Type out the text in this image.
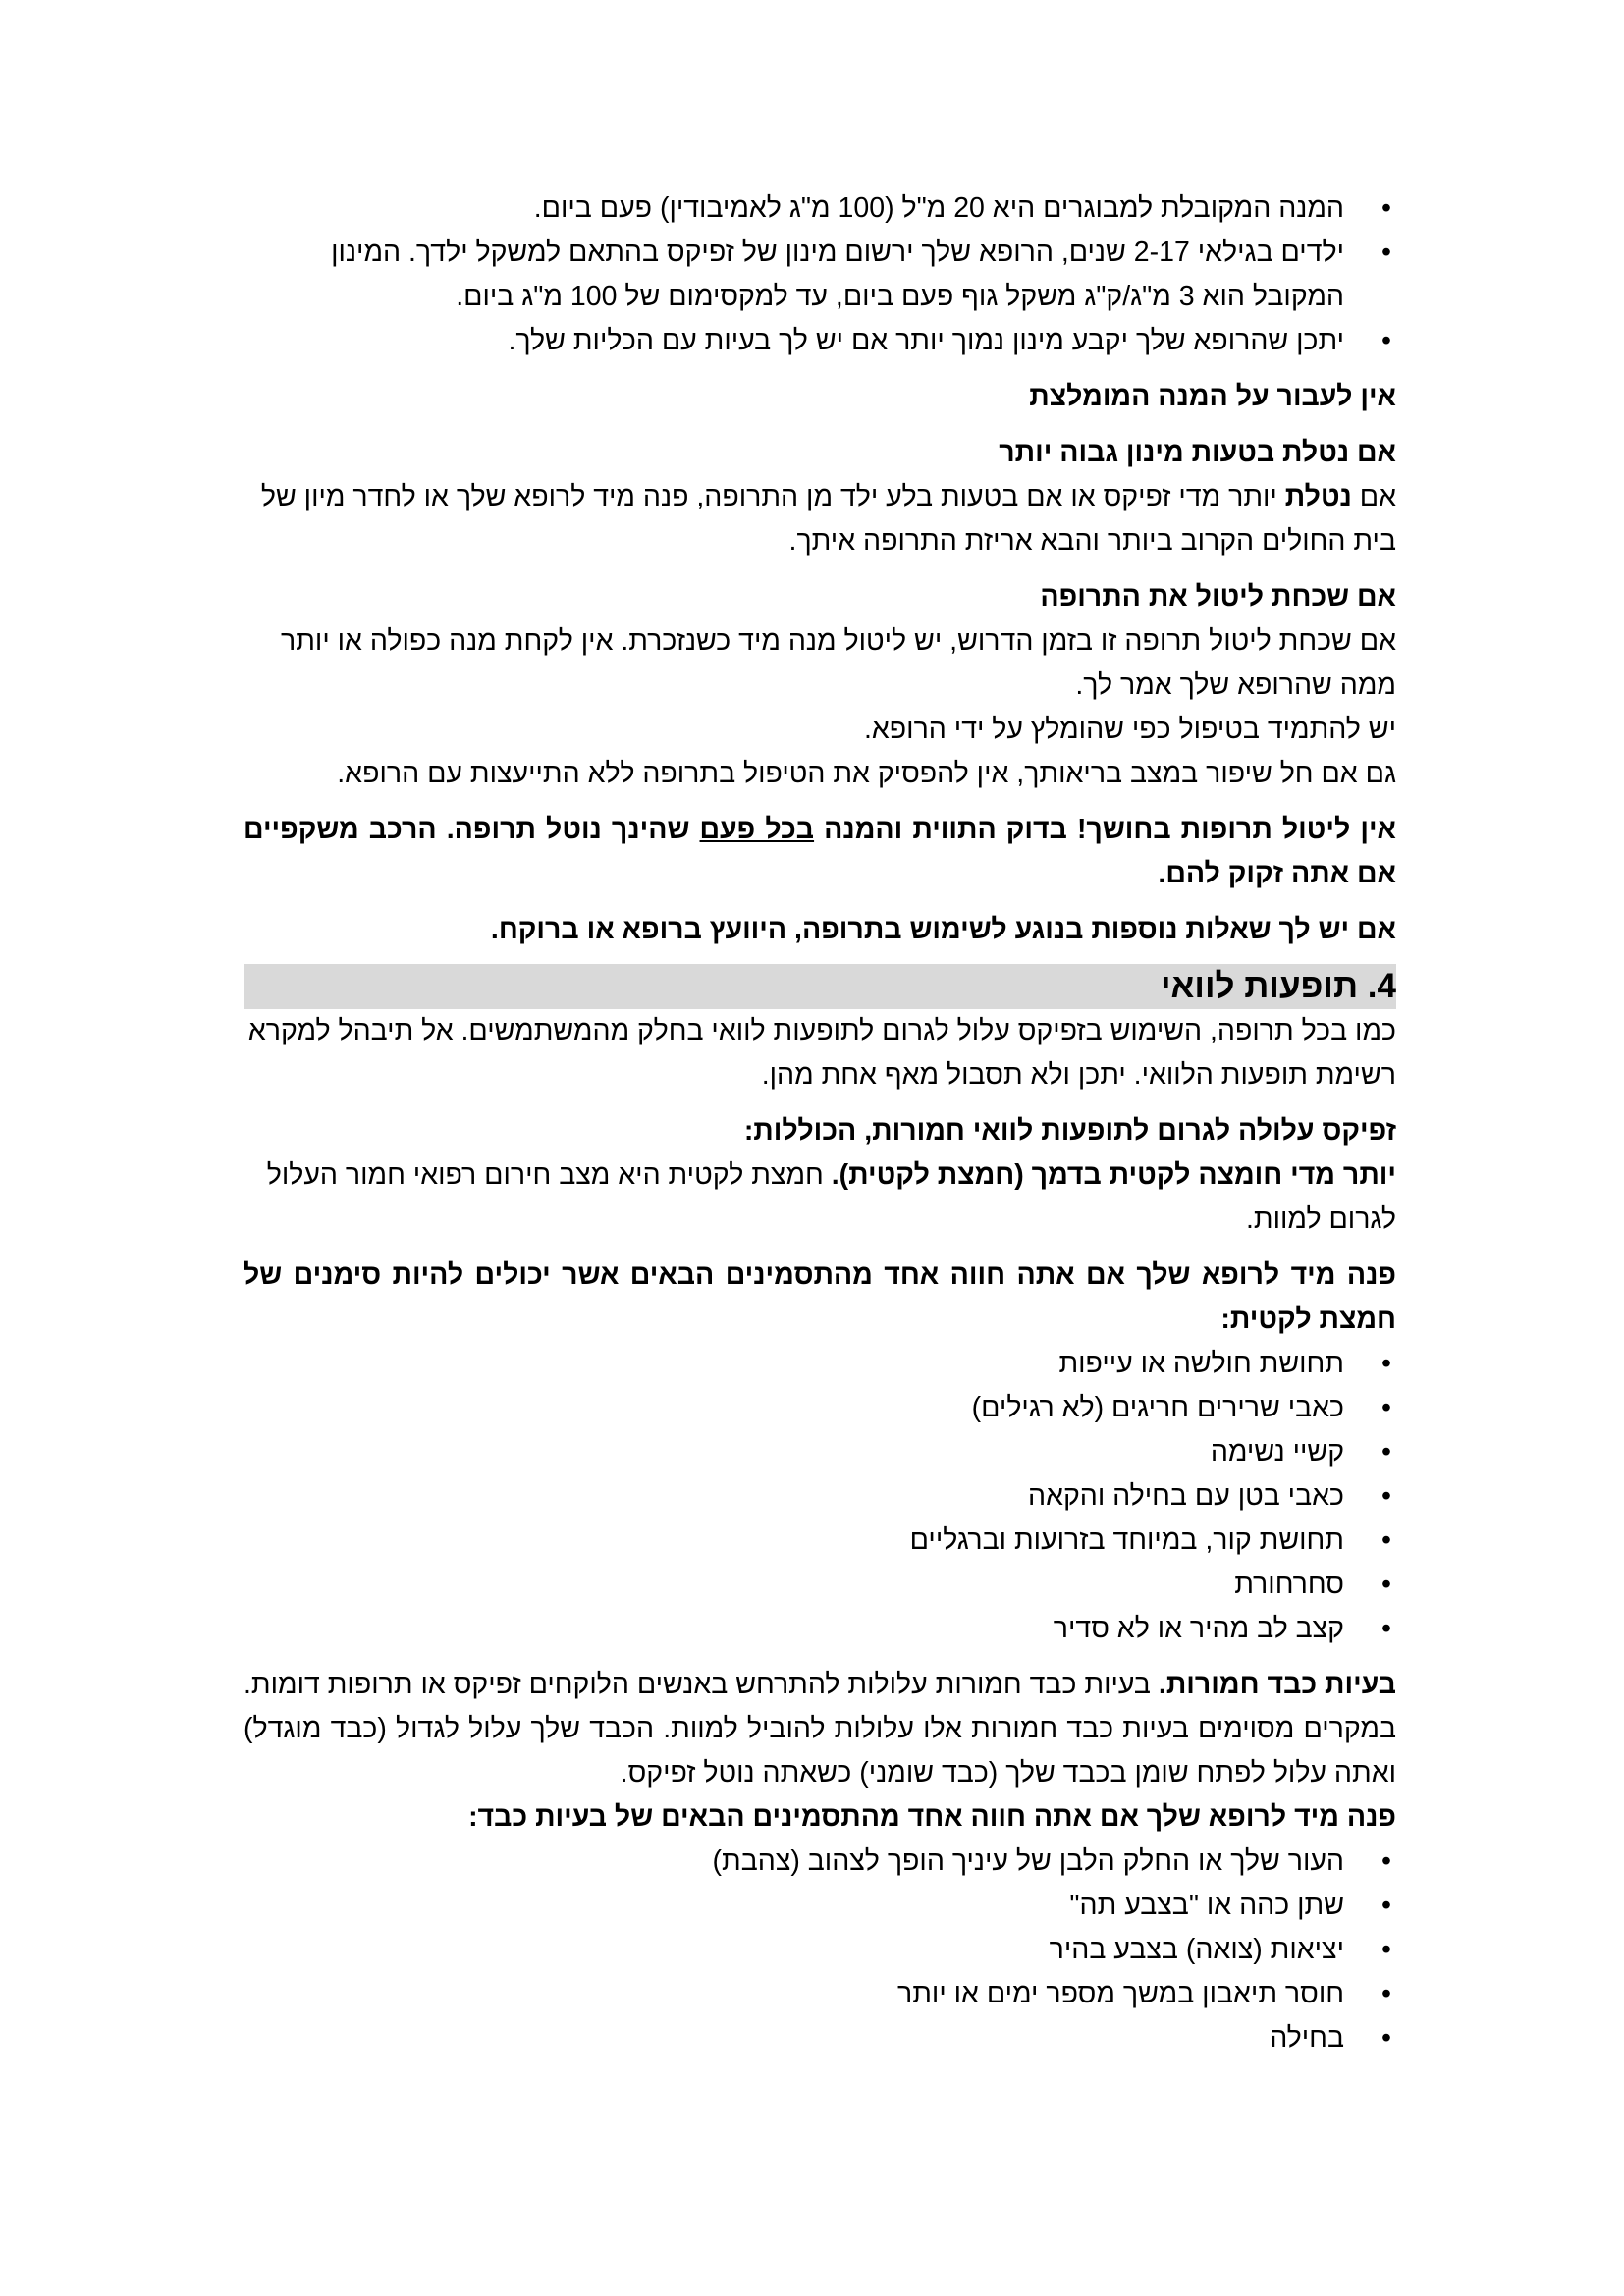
• המנה המקובלת למבוגרים היא 20 מ"ל (100 מ"ג לאמיבודין) פעם ביום.
• ילדים בגילאי 2-17 שנים, הרופא שלך ירשום מינון של זפיקס בהתאם למשקל ילדך. המינון המקובל הוא 3 מ"ג/ק"ג משקל גוף פעם ביום, עד למקסימום של 100 מ"ג ביום.
• יתכן שהרופא שלך יקבע מינון נמוך יותר אם יש לך בעיות עם הכליות שלך.

אין לעבור על המנה המומלצת

אם נטלת בטעות מינון גבוה יותר

אם נטלת יותר מדי זפיקס או אם בטעות בלע ילד מן התרופה, פנה מיד לרופא שלך או לחדר מיון של בית החולים הקרוב ביותר והבא אריזת התרופה איתך.

אם שכחת ליטול את התרופה

אם שכחת ליטול תרופה זו בזמן הדרוש, יש ליטול מנה מיד כשנזכרת. אין לקחת מנה כפולה או יותר ממה שהרופא שלך אמר לך.

יש להתמיד בטיפול כפי שהומלץ על ידי הרופא.

גם אם חל שיפור במצב בריאותך, אין להפסיק את הטיפול בתרופה ללא התייעצות עם הרופא.

אין ליטול תרופות בחושך! בדוק התווית והמנה בכל פעם שהינך נוטל תרופה. הרכב משקפיים אם אתה זקוק להם.

אם יש לך שאלות נוספות בנוגע לשימוש בתרופה, היוועץ ברופא או ברוקח.

4. תופעות לוואי

כמו בכל תרופה, השימוש בזפיקס עלול לגרום לתופעות לוואי בחלק מהמשתמשים. אל תיבהל למקרא רשימת תופעות הלוואי. יתכן ולא תסבול מאף אחת מהן.

זפיקס עלולה לגרום לתופעות לוואי חמורות, הכוללות:

יותר מדי חומצה לקטית בדמך (חמצת לקטית). חמצת לקטית היא מצב חירום רפואי חמור העלול לגרום למוות.

פנה מיד לרופא שלך אם אתה חווה אחד מהתסמינים הבאים אשר יכולים להיות סימנים של חמצת לקטית:

• תחושת חולשה או עייפות
• כאבי שרירים חריגים (לא רגילים)
• קשיי נשימה
• כאבי בטן עם בחילה והקאה
• תחושת קור, במיוחד בזרועות וברגליים
• סחרחורת
• קצב לב מהיר או לא סדיר

בעיות כבד חמורות. בעיות כבד חמורות עלולות להתרחש באנשים הלוקחים זפיקס או תרופות דומות. במקרים מסוימים בעיות כבד חמורות אלו עלולות להוביל למוות. הכבד שלך עלול לגדול (כבד מוגדל) ואתה עלול לפתח שומן בכבד שלך (כבד שומני) כשאתה נוטל זפיקס.

פנה מיד לרופא שלך אם אתה חווה אחד מהתסמינים הבאים של בעיות כבד:

• העור שלך או החלק הלבן של עיניך הופך לצהוב (צהבת)
• שתן כהה או "בצבע תה"
• יציאות (צואה) בצבע בהיר
• חוסר תיאבון במשך מספר ימים או יותר
• בחילה
